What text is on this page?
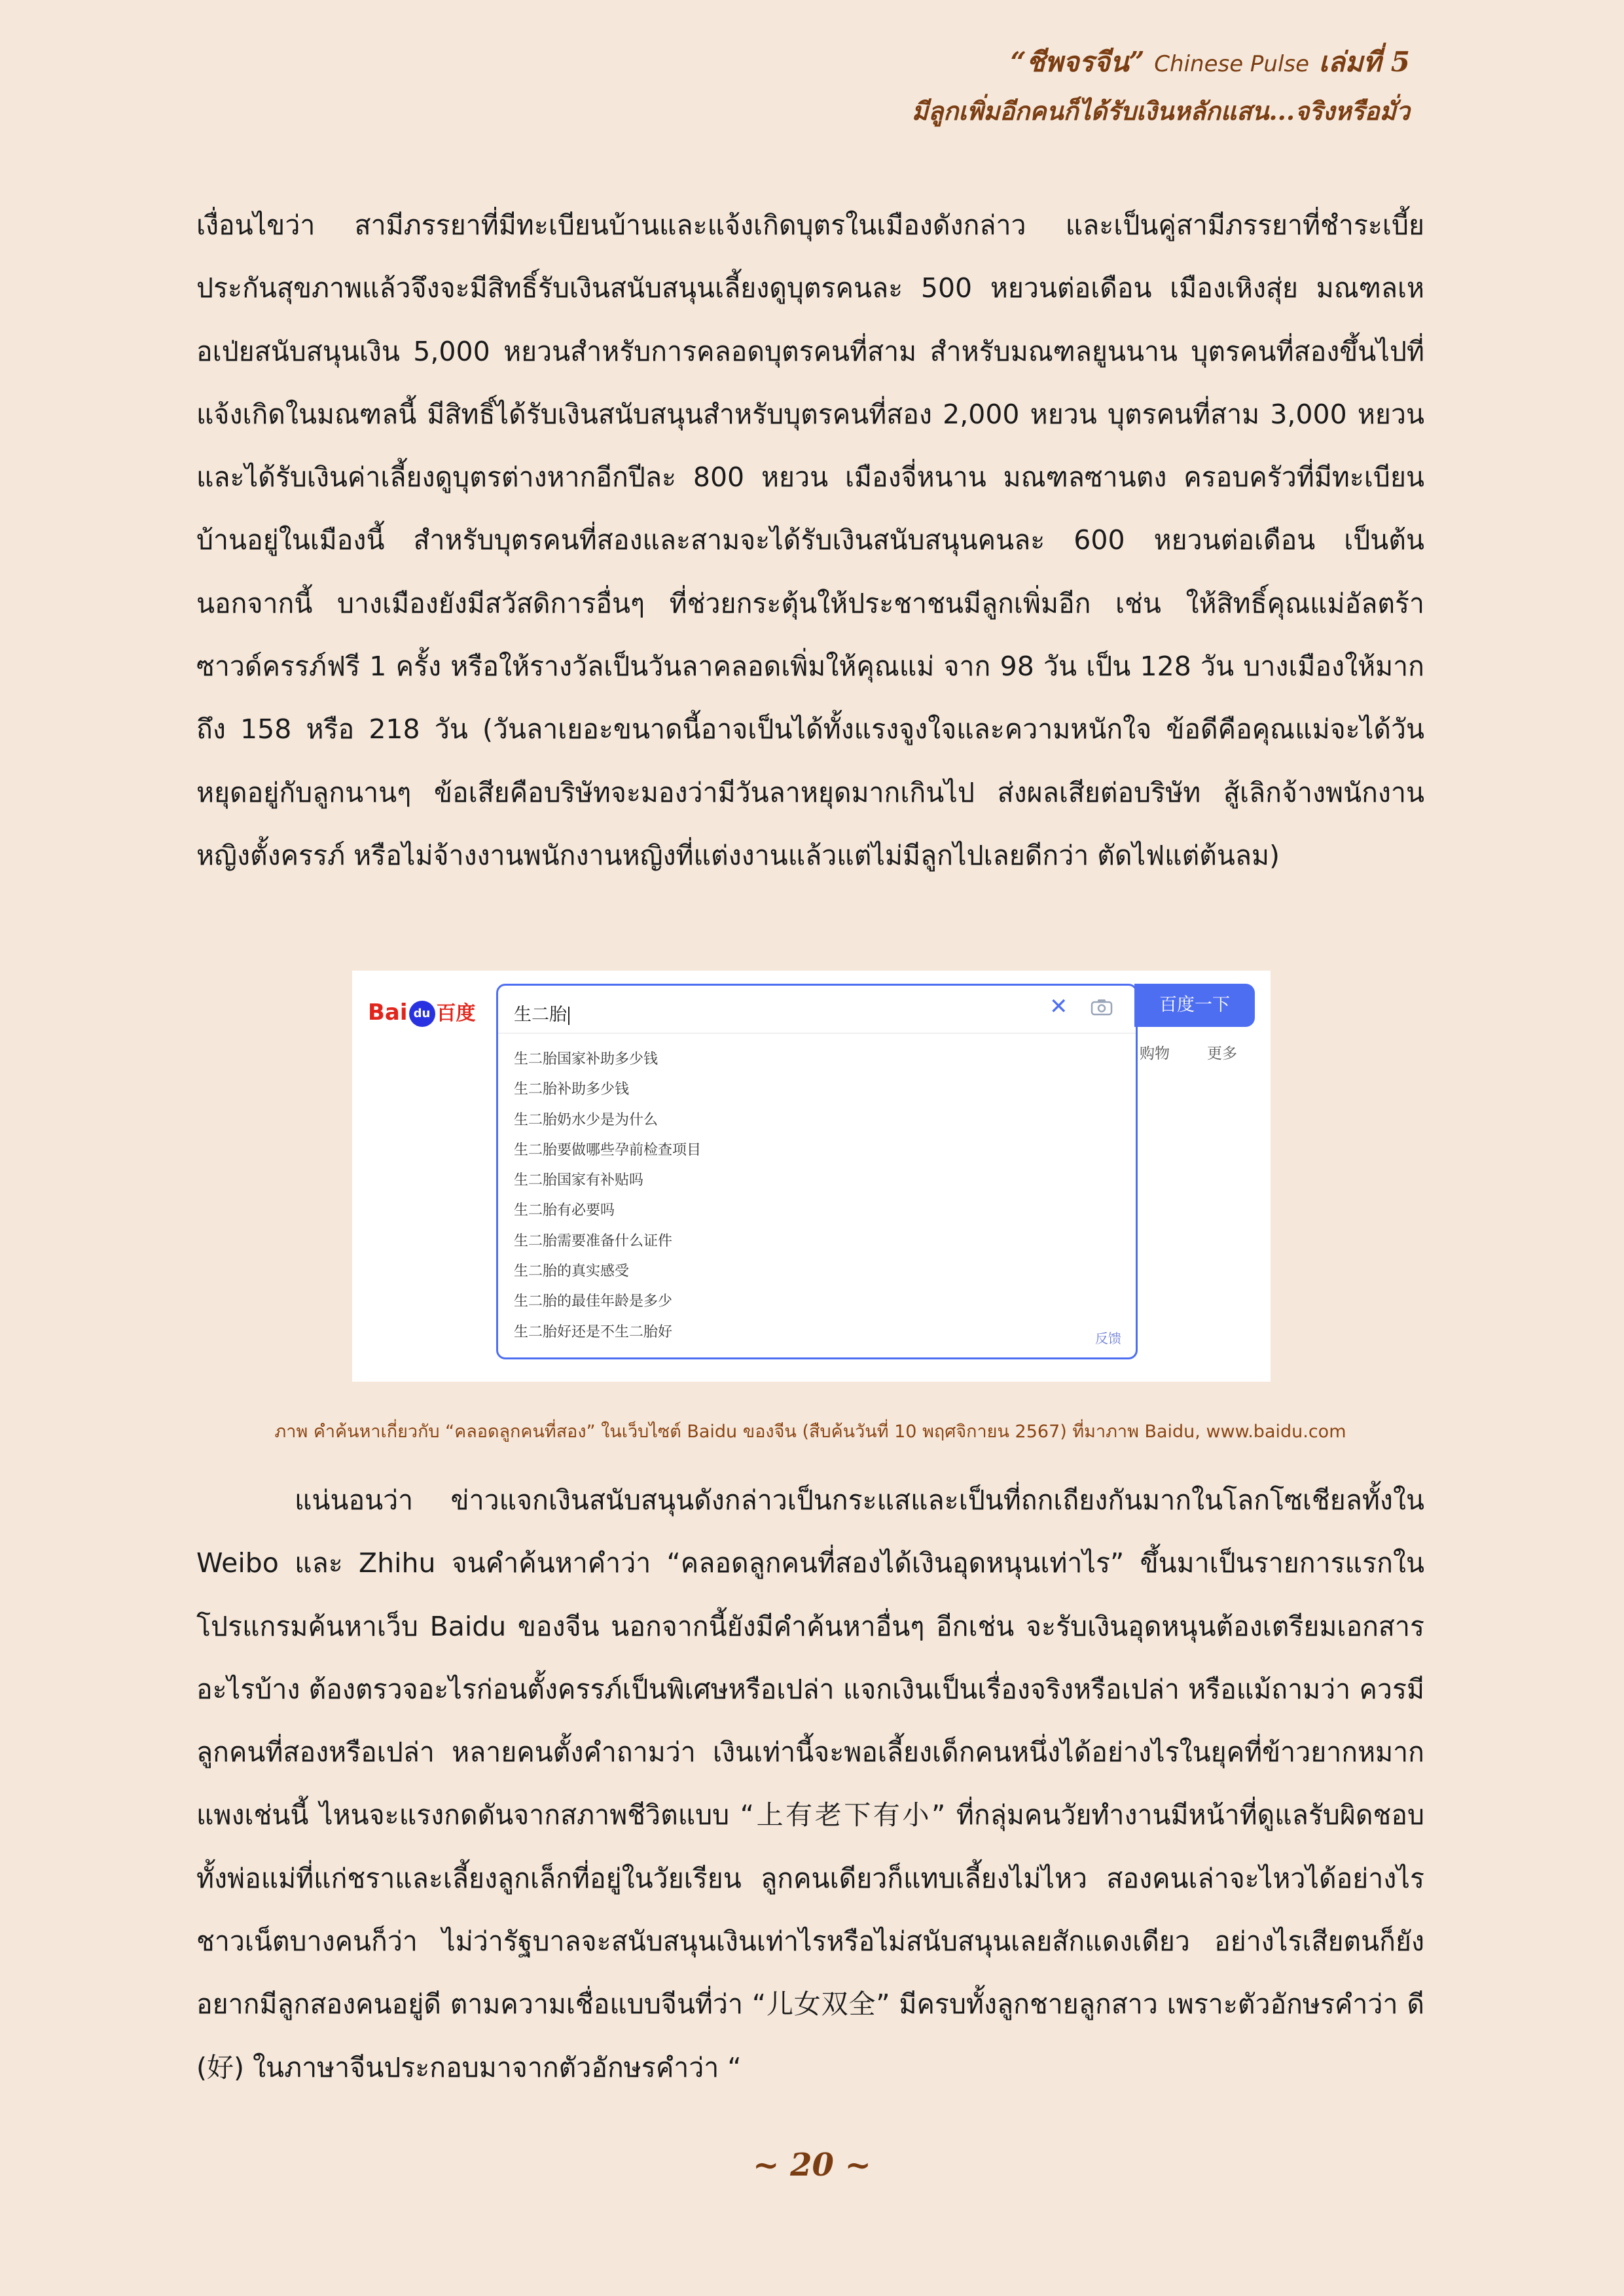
“ชีพจรจีน” Chinese Pulse เล่มที่ 5
มีลูกเพิ่มอีกคนก็ได้รับเงินหลักแสน...จริงหรือมั่ว

เงื่อนไขว่า สามีภรรยาที่มีทะเบียนบ้านและแจ้งเกิดบุตรในเมืองดังกล่าว และเป็นคู่สามีภรรยาที่ชำระเบี้ยประกันสุขภาพแล้วจึงจะมีสิทธิ์รับเงินสนับสนุนเลี้ยงดูบุตรคนละ 500 หยวนต่อเดือน เมืองเหิงสุ่ย มณฑลเหอเป่ยสนับสนุนเงิน 5,000 หยวนสำหรับการคลอดบุตรคนที่สาม สำหรับมณฑลยูนนาน บุตรคนที่สองขึ้นไปที่แจ้งเกิดในมณฑลนี้ มีสิทธิ์ได้รับเงินสนับสนุนสำหรับบุตรคนที่สอง 2,000 หยวน บุตรคนที่สาม 3,000 หยวน และได้รับเงินค่าเลี้ยงดูบุตรต่างหากอีกปีละ 800 หยวน เมืองจี่หนาน มณฑลซานตง ครอบครัวที่มีทะเบียนบ้านอยู่ในเมืองนี้ สำหรับบุตรคนที่สองและสามจะได้รับเงินสนับสนุนคนละ 600 หยวนต่อเดือน เป็นต้น นอกจากนี้ บางเมืองยังมีสวัสดิการอื่นๆ ที่ช่วยกระตุ้นให้ประชาชนมีลูกเพิ่มอีก เช่น ให้สิทธิ์คุณแม่อัลตร้าซาวด์ครรภ์ฟรี 1 ครั้ง หรือให้รางวัลเป็นวันลาคลอดเพิ่มให้คุณแม่ จาก 98 วัน เป็น 128 วัน บางเมืองให้มากถึง 158 หรือ 218 วัน (วันลาเยอะขนาดนี้อาจเป็นได้ทั้งแรงจูงใจและความหนักใจ ข้อดีคือคุณแม่จะได้วันหยุดอยู่กับลูกนานๆ ข้อเสียคือบริษัทจะมองว่ามีวันลาหยุดมากเกินไป ส่งผลเสียต่อบริษัท สู้เลิกจ้างพนักงานหญิงตั้งครรภ์ หรือไม่จ้างงานพนักงานหญิงที่แต่งงานแล้วแต่ไม่มีลูกไปเลยดีกว่า ตัดไฟแต่ต้นลม)

Bai du 百度 生二胎	✕
生二胎国家补助多少钱
生二胎补助多少钱
生二胎奶水少是为什么
生二胎要做哪些孕前检查项目
生二胎国家有补贴吗
生二胎有必要吗
生二胎需要准备什么证件
生二胎的真实感受
生二胎的最佳年龄是多少
生二胎好还是不生二胎好	反馈
百度一下
购物 更多
ภาพ คำค้นหาเกี่ยวกับ “คลอดลูกคนที่สอง” ในเว็บไซต์ Baidu ของจีน (สืบค้นวันที่ 10 พฤศจิกายน 2567) ที่มาภาพ Baidu, www.baidu.com

แน่นอนว่า ข่าวแจกเงินสนับสนุนดังกล่าวเป็นกระแสและเป็นที่ถกเถียงกันมากในโลกโซเชียลทั้งใน Weibo และ Zhihu จนคำค้นหาคำว่า “คลอดลูกคนที่สองได้เงินอุดหนุนเท่าไร” ขึ้นมาเป็นรายการแรกในโปรแกรมค้นหาเว็บ Baidu ของจีน นอกจากนี้ยังมีคำค้นหาอื่นๆ อีกเช่น จะรับเงินอุดหนุนต้องเตรียมเอกสารอะไรบ้าง ต้องตรวจอะไรก่อนตั้งครรภ์เป็นพิเศษหรือเปล่า แจกเงินเป็นเรื่องจริงหรือเปล่า หรือแม้ถามว่า ควรมีลูกคนที่สองหรือเปล่า หลายคนตั้งคำถามว่า เงินเท่านี้จะพอเลี้ยงเด็กคนหนึ่งได้อย่างไรในยุคที่ข้าวยากหมากแพงเช่นนี้ ไหนจะแรงกดดันจากสภาพชีวิตแบบ “上有老下有小” ที่กลุ่มคนวัยทำงานมีหน้าที่ดูแลรับผิดชอบทั้งพ่อแม่ที่แก่ชราและเลี้ยงลูกเล็กที่อยู่ในวัยเรียน ลูกคนเดียวก็แทบเลี้ยงไม่ไหว สองคนเล่าจะไหวได้อย่างไร ชาวเน็ตบางคนก็ว่า ไม่ว่ารัฐบาลจะสนับสนุนเงินเท่าไรหรือไม่สนับสนุนเลยสักแดงเดียว อย่างไรเสียตนก็ยังอยากมีลูกสองคนอยู่ดี ตามความเชื่อแบบจีนที่ว่า “儿女双全” มีครบทั้งลูกชายลูกสาว เพราะตัวอักษรคำว่า ดี (好) ในภาษาจีนประกอบมาจากตัวอักษรคำว่า “

~ 20 ~
